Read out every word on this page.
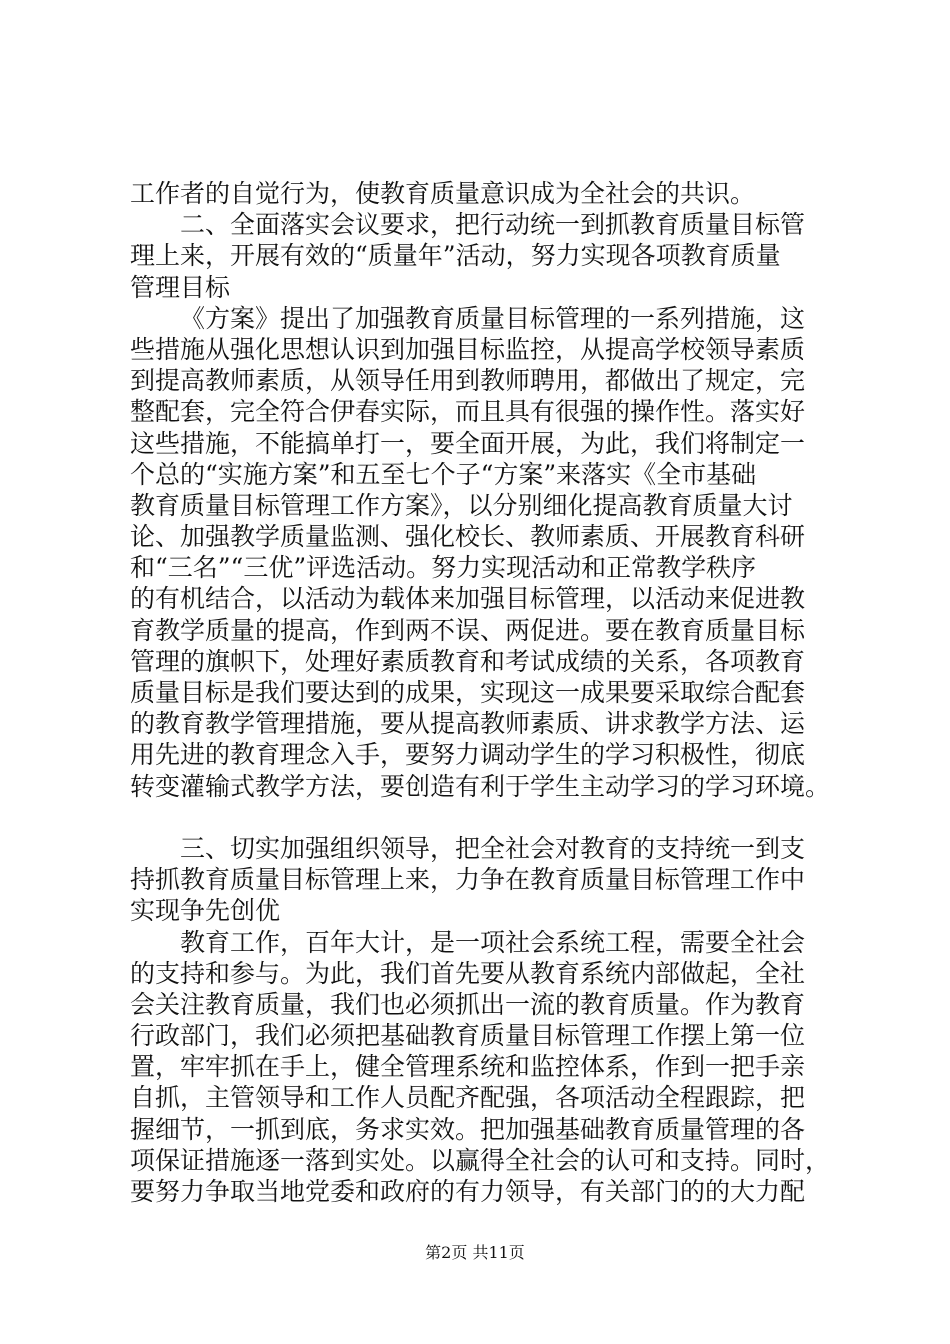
工作者的自觉行为，使教育质量意识成为全社会的共识。
二、全面落实会议要求，把行动统一到抓教育质量目标管
理上来，开展有效的“质量年”活动，努力实现各项教育质量
管理目标
《方案》提出了加强教育质量目标管理的一系列措施，这
些措施从强化思想认识到加强目标监控，从提高学校领导素质
到提高教师素质，从领导任用到教师聘用，都做出了规定，完
整配套，完全符合伊春实际，而且具有很强的操作性。落实好
这些措施，不能搞单打一，要全面开展，为此，我们将制定一
个总的“实施方案”和五至七个子“方案”来落实《全市基础
教育质量目标管理工作方案》，以分别细化提高教育质量大讨
论、加强教学质量监测、强化校长、教师素质、开展教育科研
和“三名”“三优”评选活动。努力实现活动和正常教学秩序
的有机结合，以活动为载体来加强目标管理，以活动来促进教
育教学质量的提高，作到两不误、两促进。要在教育质量目标
管理的旗帜下，处理好素质教育和考试成绩的关系，各项教育
质量目标是我们要达到的成果，实现这一成果要采取综合配套
的教育教学管理措施，要从提高教师素质、讲求教学方法、运
用先进的教育理念入手，要努力调动学生的学习积极性，彻底
转变灌输式教学方法，要创造有利于学生主动学习的学习环境。
三、切实加强组织领导，把全社会对教育的支持统一到支
持抓教育质量目标管理上来，力争在教育质量目标管理工作中
实现争先创优
教育工作，百年大计，是一项社会系统工程，需要全社会
的支持和参与。为此，我们首先要从教育系统内部做起，全社
会关注教育质量，我们也必须抓出一流的教育质量。作为教育
行政部门，我们必须把基础教育质量目标管理工作摆上第一位
置，牢牢抓在手上，健全管理系统和监控体系，作到一把手亲
自抓，主管领导和工作人员配齐配强，各项活动全程跟踪，把
握细节，一抓到底，务求实效。把加强基础教育质量管理的各
项保证措施逐一落到实处。以赢得全社会的认可和支持。同时，
要努力争取当地党委和政府的有力领导，有关部门的的大力配
第2页 共11页
